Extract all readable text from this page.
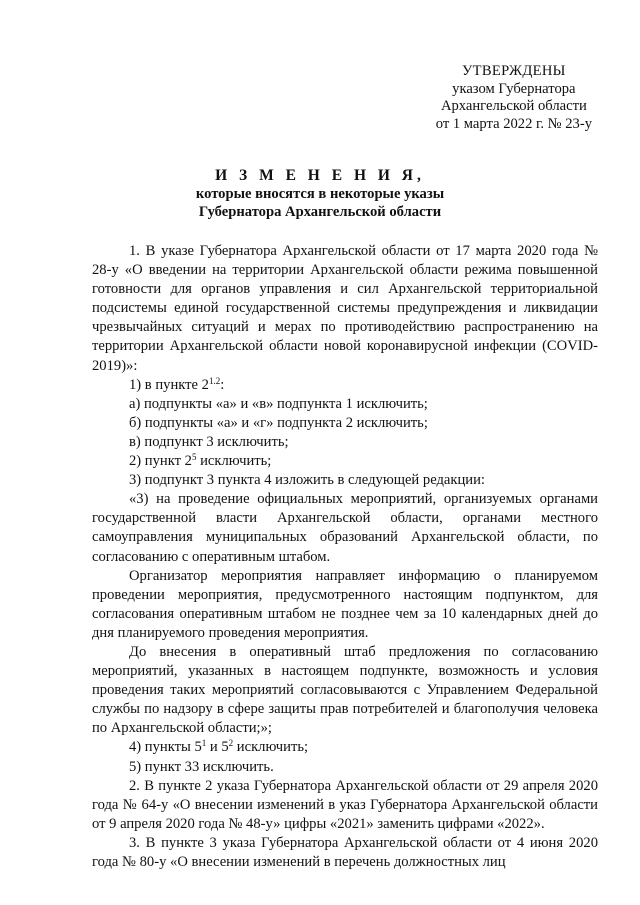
УТВЕРЖДЕНЫ
указом Губернатора
Архангельской области
от 1 марта 2022 г. № 23-у
И З М Е Н Е Н И Я,
которые вносятся в некоторые указы
Губернатора Архангельской области

1. В указе Губернатора Архангельской области от 17 марта 2020 года № 28-у «О введении на территории Архангельской области режима повышенной готовности для органов управления и сил Архангельской территориальной подсистемы единой государственной системы предупреждения и ликвидации чрезвычайных ситуаций и мерах по противодействию распространению на территории Архангельской области новой коронавирусной инфекции (COVID-2019)»:

1) в пункте $2^{1.2}$:

а) подпункты «а» и «в» подпункта 1 исключить;

б) подпункты «а» и «г» подпункта 2 исключить;

в) подпункт 3 исключить;

2) пункт $2^5$ исключить;

3) подпункт 3 пункта 4 изложить в следующей редакции:

«3) на проведение официальных мероприятий, организуемых органами государственной власти Архангельской области, органами местного самоуправления муниципальных образований Архангельской области, по согласованию с оперативным штабом.

Организатор мероприятия направляет информацию о планируемом проведении мероприятия, предусмотренного настоящим подпунктом, для согласования оперативным штабом не позднее чем за 10 календарных дней до дня планируемого проведения мероприятия.

До внесения в оперативный штаб предложения по согласованию мероприятий, указанных в настоящем подпункте, возможность и условия проведения таких мероприятий согласовываются с Управлением Федеральной службы по надзору в сфере защиты прав потребителей и благополучия человека по Архангельской области;»;

4) пункты $5^1$ и $5^2$ исключить;

5) пункт 33 исключить.

2. В пункте 2 указа Губернатора Архангельской области от 29 апреля 2020 года № 64-у «О внесении изменений в указ Губернатора Архангельской области от 9 апреля 2020 года № 48-у» цифры «2021» заменить цифрами «2022».

3. В пункте 3 указа Губернатора Архангельской области от 4 июня 2020 года № 80-у «О внесении изменений в перечень должностных лиц
